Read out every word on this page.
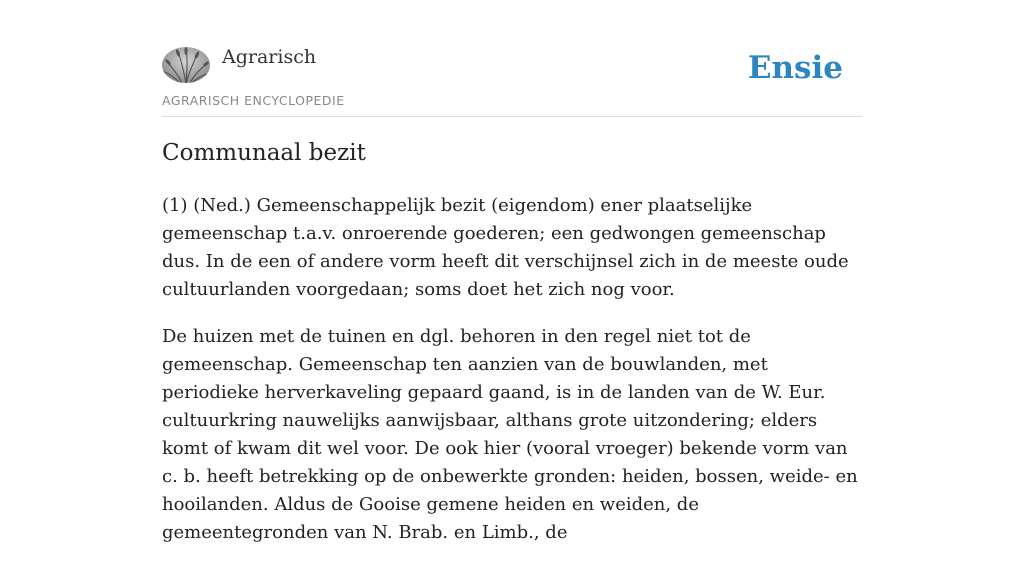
Agrarisch
AGRARISCH ENCYCLOPEDIE
Ensie
Communaal bezit

(1) (Ned.) Gemeenschappelijk bezit (eigendom) ener plaatselijke gemeenschap t.a.v. onroerende goederen; een gedwongen gemeenschap dus. In de een of andere vorm heeft dit verschijnsel zich in de meeste oude cultuurlanden voorgedaan; soms doet het zich nog voor.

De huizen met de tuinen en dgl. behoren in den regel niet tot de gemeenschap. Gemeenschap ten aanzien van de bouwlanden, met periodieke herverkaveling gepaard gaand, is in de landen van de W. Eur. cultuurkring nauwelijks aanwijsbaar, althans grote uitzondering; elders komt of kwam dit wel voor. De ook hier (vooral vroeger) bekende vorm van c. b. heeft betrekking op de onbewerkte gronden: heiden, bossen, weide- en hooilanden. Aldus de Gooise gemene heiden en weiden, de gemeentegronden van N. Brab. en Limb., de
